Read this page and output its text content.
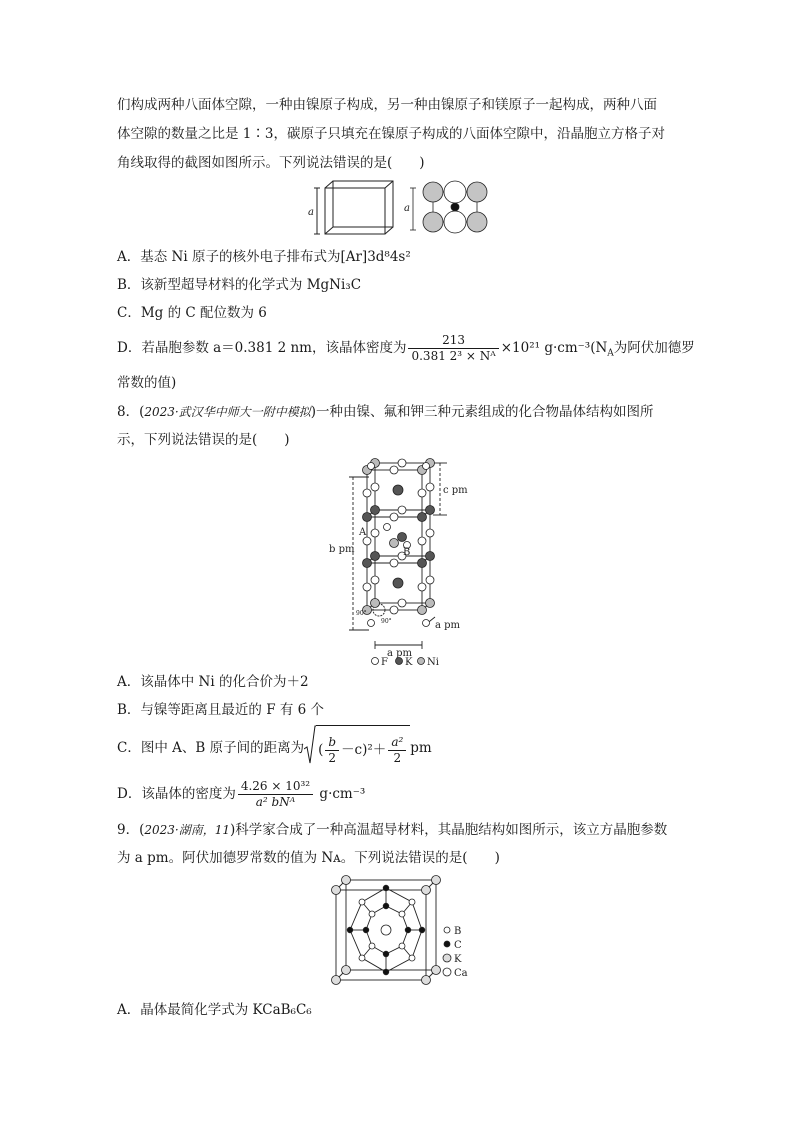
们构成两种八面体空隙，一种由镍原子构成，另一种由镍原子和镁原子一起构成，两种八面
体空隙的数量之比是 1∶3，碳原子只填充在镍原子构成的八面体空隙中，沿晶胞立方格子对
角线取得的截图如图所示。下列说法错误的是(　　)
a	a
A．基态 Ni 原子的核外电子排布式为[Ar]3d⁸4s²
B．该新型超导材料的化学式为 MgNi₃C
C．Mg 的 C 配位数为 6
D．若晶胞参数 a＝0.381 2 nm，该晶体密度为 $\frac{213}{\text{0.381 2³ × Nᴬ}} \times 10^{21}$ $g\cdot cm^{-3}(N_A$为阿伏加德罗
常数的值)
8．(2023·武汉华中师大一附中模拟)一种由镍、氟和钾三种元素组成的化合物晶体结构如图所
示，下列说法错误的是(　　)
c pm
b pm
a pm
a pm
A
B
90°
90°
F K Ni
A．该晶体中 Ni 的化合价为＋2
B．与镍等距离且最近的 F 有 6 个
C．图中 A、B 原子间的距离为 ( $\frac{b}{2} -c)^2+ \frac{\text{a²}}{2}$ pm
D．该晶体的密度为 $\frac{\text{4.26 × 10³²}}{\text{a² bNᴬ}} g\cdot cm^{-3}$
9．(2023·湖南，11)科学家合成了一种高温超导材料，其晶胞结构如图所示，该立方晶胞参数
为 a pm。阿伏加德罗常数的值为 Nᴀ。下列说法错误的是(　　)
B
C
K
Ca
A．晶体最简化学式为 KCaB₆C₆
